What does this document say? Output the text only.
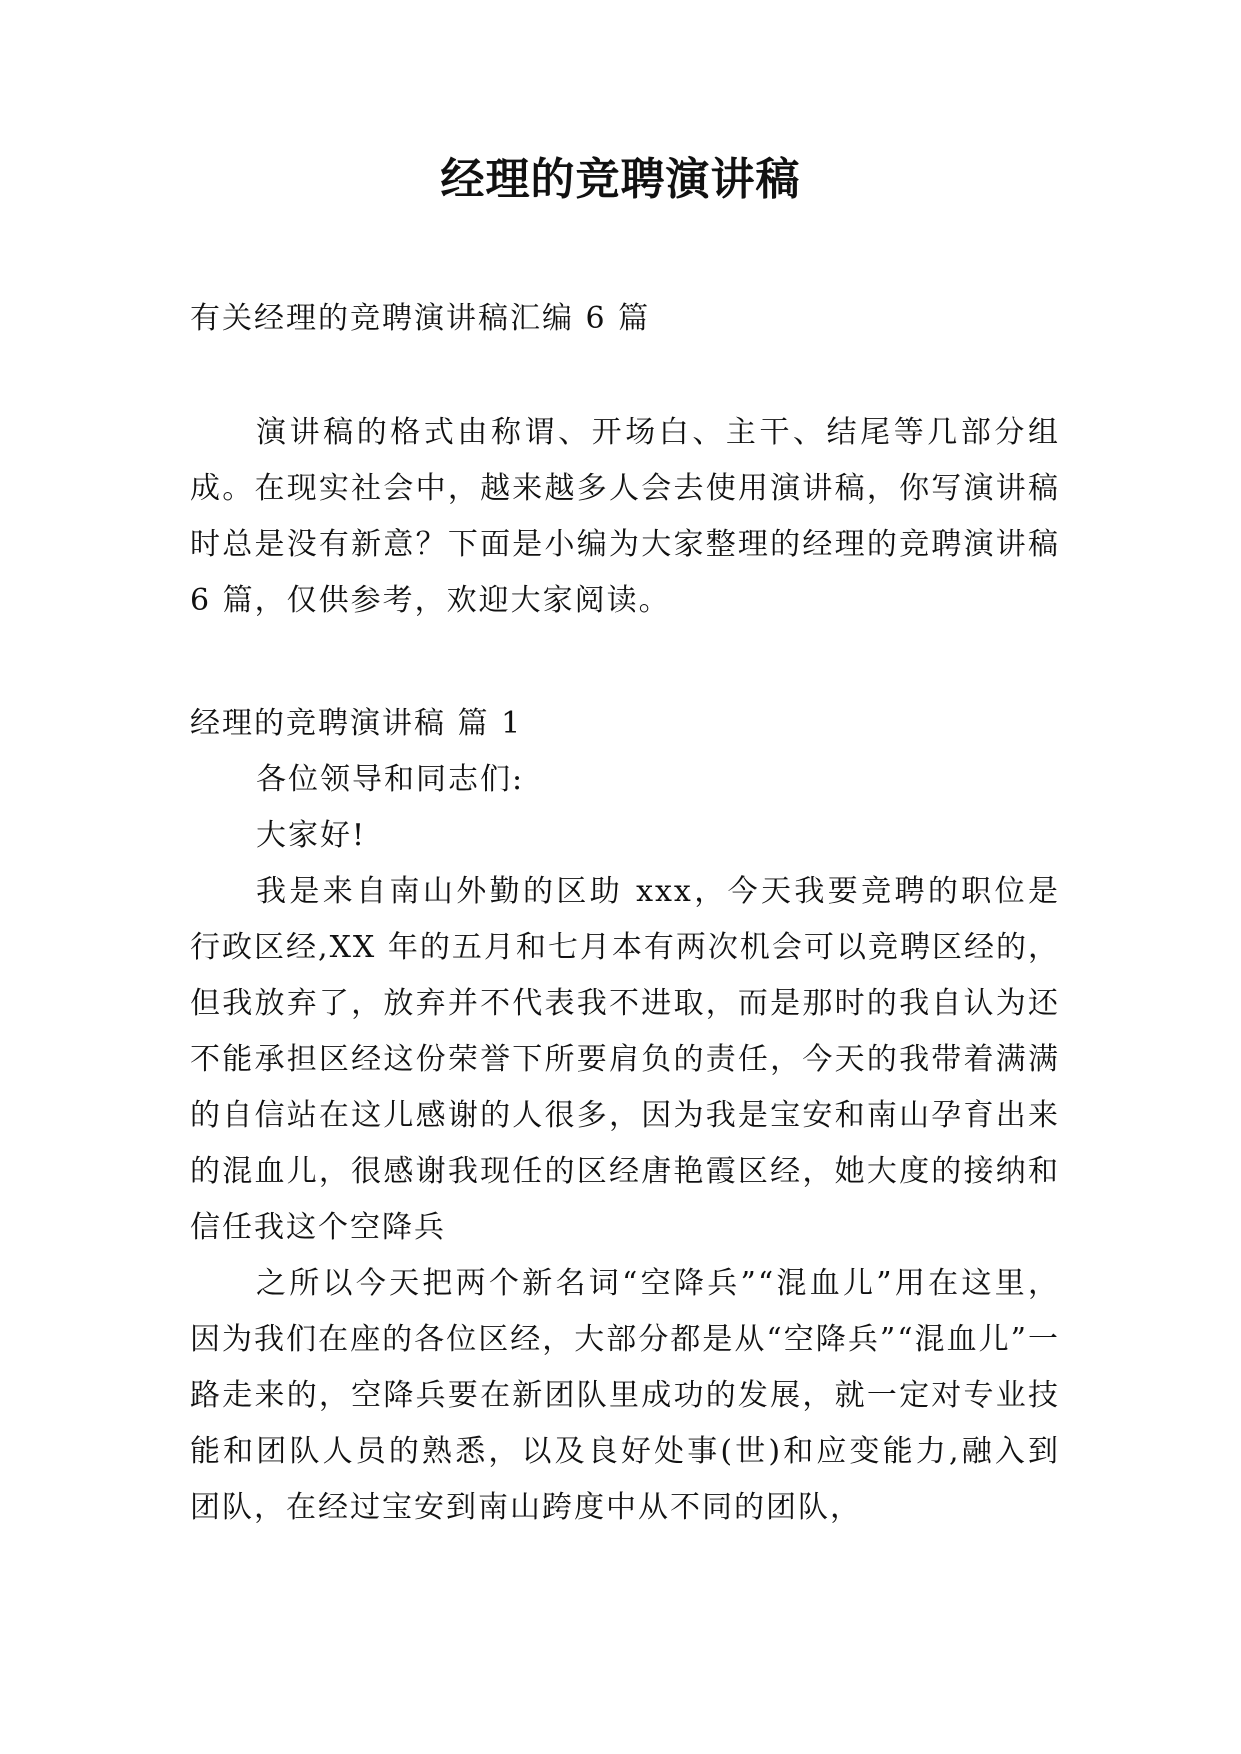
经理的竞聘演讲稿
有关经理的竞聘演讲稿汇编 6 篇
演讲稿的格式由称谓、开场白、主干、结尾等几部分组成。在现实社会中，越来越多人会去使用演讲稿，你写演讲稿时总是没有新意？下面是小编为大家整理的经理的竞聘演讲稿 6 篇，仅供参考，欢迎大家阅读。
经理的竞聘演讲稿 篇 1
各位领导和同志们:
大家好!
我是来自南山外勤的区助 xxx，今天我要竞聘的职位是行政区经,XX 年的五月和七月本有两次机会可以竞聘区经的，但我放弃了，放弃并不代表我不进取，而是那时的我自认为还不能承担区经这份荣誉下所要肩负的责任，今天的我带着满满的自信站在这儿感谢的人很多，因为我是宝安和南山孕育出来的混血儿，很感谢我现任的区经唐艳霞区经，她大度的接纳和信任我这个空降兵
之所以今天把两个新名词“空降兵”“混血儿”用在这里，因为我们在座的各位区经，大部分都是从“空降兵”“混血儿”一路走来的，空降兵要在新团队里成功的发展，就一定对专业技能和团队人员的熟悉，以及良好处事(世)和应变能力,融入到团队，在经过宝安到南山跨度中从不同的团队，
